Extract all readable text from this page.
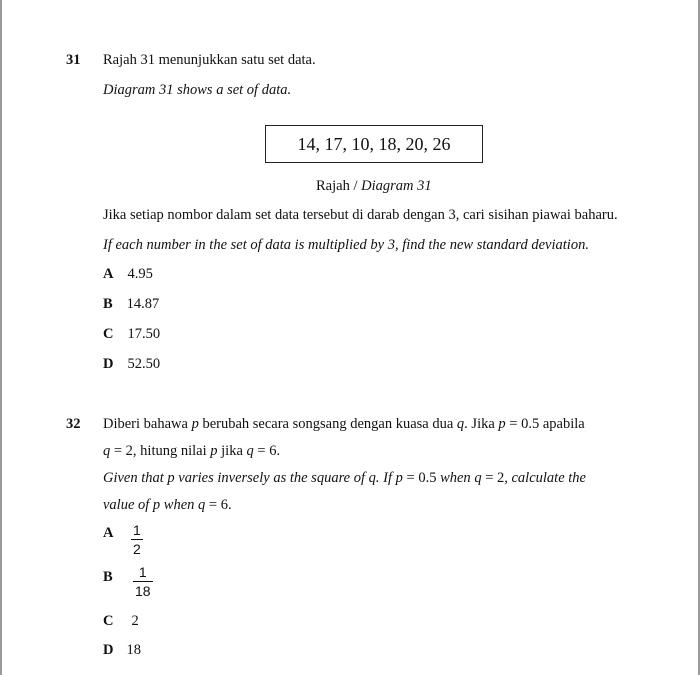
31 Rajah 31 menunjukkan satu set data.
Diagram 31 shows a set of data.
14, 17, 10, 18, 20, 26
Rajah / Diagram 31
Jika setiap nombor dalam set data tersebut di darab dengan 3, cari sisihan piawai baharu.
If each number in the set of data is multiplied by 3, find the new standard deviation.
A 4.95
B 14.87
C 17.50
D 52.50
32 Diberi bahawa p berubah secara songsang dengan kuasa dua q. Jika p = 0.5 apabila
q = 2, hitung nilai p jika q = 6.
Given that p varies inversely as the square of q. If p = 0.5 when q = 2, calculate the
value of p when q = 6.
A 1
2
B 1
18
C 2
D 18
